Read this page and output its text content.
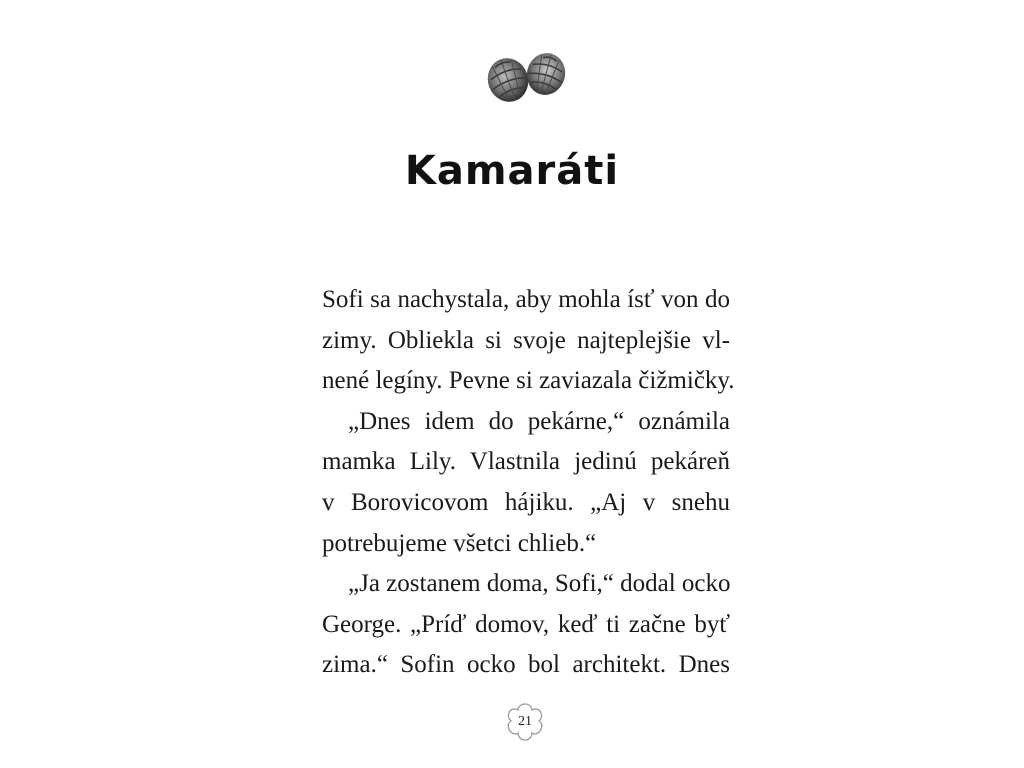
Kamaráti
Sofi sa nachystala, aby mohla ísť von do
zimy. Obliekla si svoje najteplejšie vl-
nené legíny. Pevne si zaviazala čižmičky.
„Dnes idem do pekárne,“ oznámila
mamka Lily. Vlastnila jedinú pekáreň
v Borovicovom hájiku. „Aj v snehu
potrebujeme všetci chlieb.“
„Ja zostanem doma, Sofi,“ dodal ocko
George. „Príď domov, keď ti začne byť
zima.“ Sofin ocko bol architekt. Dnes
21
